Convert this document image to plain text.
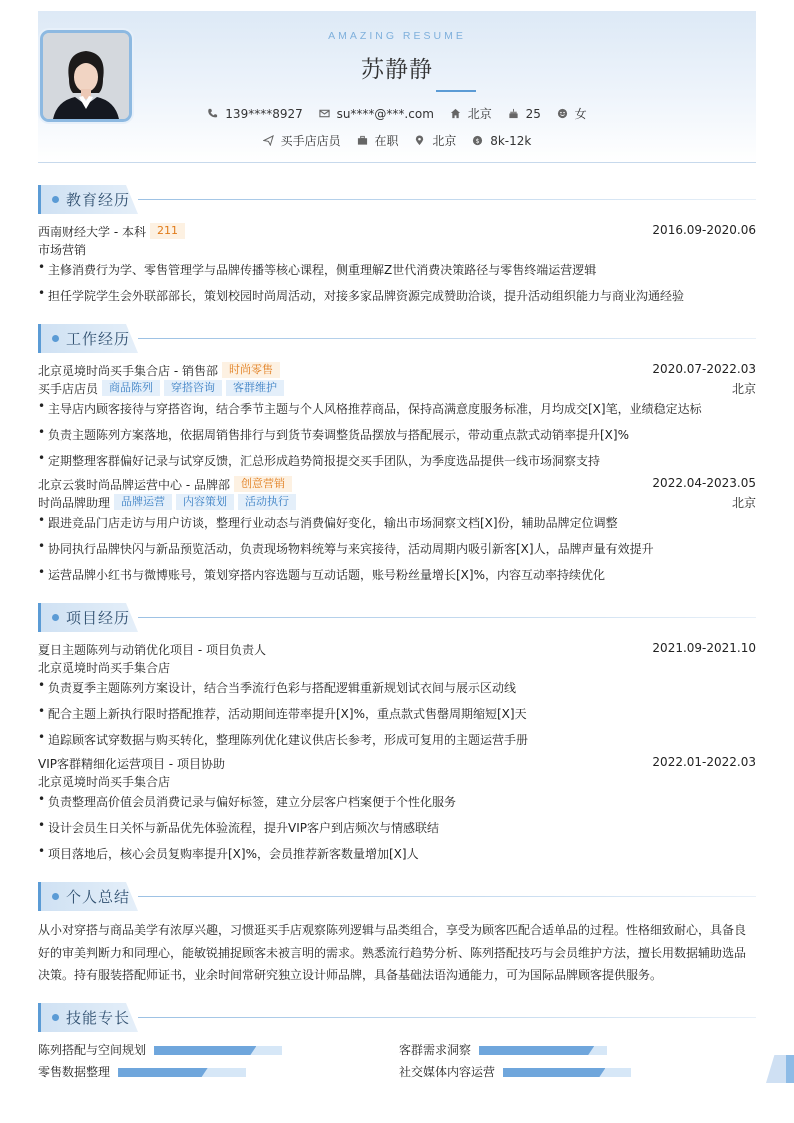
AMAZING RESUME
苏静静
139****8927
	su****@***.com
	北京
	25
	女
买手店店员
	在职
	北京
	$ 8k-12k
教育经历
西南财经大学 - 本科 211	2016.09-2020.06
市场营销
主修消费行为学、零售管理学与品牌传播等核心课程，侧重理解Z世代消费决策路径与零售终端运营逻辑
担任学院学生会外联部部长，策划校园时尚周活动，对接多家品牌资源完成赞助洽谈，提升活动组织能力与商业沟通经验
工作经历
北京觅境时尚买手集合店 - 销售部 时尚零售	2020.07-2022.03
买手店店员 商品陈列 穿搭咨询 客群维护	北京
主导店内顾客接待与穿搭咨询，结合季节主题与个人风格推荐商品，保持高满意度服务标准，月均成交[X]笔，业绩稳定达标
负责主题陈列方案落地，依据周销售排行与到货节奏调整货品摆放与搭配展示，带动重点款式动销率提升[X]%
定期整理客群偏好记录与试穿反馈，汇总形成趋势简报提交买手团队，为季度选品提供一线市场洞察支持
北京云裳时尚品牌运营中心 - 品牌部 创意营销	2022.04-2023.05
时尚品牌助理 品牌运营 内容策划 活动执行	北京
跟进竞品门店走访与用户访谈，整理行业动态与消费偏好变化，输出市场洞察文档[X]份，辅助品牌定位调整
协同执行品牌快闪与新品预览活动，负责现场物料统筹与来宾接待，活动周期内吸引新客[X]人，品牌声量有效提升
运营品牌小红书与微博账号，策划穿搭内容选题与互动话题，账号粉丝量增长[X]%，内容互动率持续优化
项目经历
夏日主题陈列与动销优化项目 - 项目负责人	2021.09-2021.10
北京觅境时尚买手集合店
负责夏季主题陈列方案设计，结合当季流行色彩与搭配逻辑重新规划试衣间与展示区动线
配合主题上新执行限时搭配推荐，活动期间连带率提升[X]%，重点款式售罄周期缩短[X]天
追踪顾客试穿数据与购买转化，整理陈列优化建议供店长参考，形成可复用的主题运营手册
VIP客群精细化运营项目 - 项目协助	2022.01-2022.03
北京觅境时尚买手集合店
负责整理高价值会员消费记录与偏好标签，建立分层客户档案便于个性化服务
设计会员生日关怀与新品优先体验流程，提升VIP客户到店频次与情感联结
项目落地后，核心会员复购率提升[X]%，会员推荐新客数量增加[X]人
个人总结
从小对穿搭与商品美学有浓厚兴趣，习惯逛买手店观察陈列逻辑与品类组合，享受为顾客匹配合适单品的过程。性格细致耐心，具备良好的审美判断力和同理心，能敏锐捕捉顾客未被言明的需求。熟悉流行趋势分析、陈列搭配技巧与会员维护方法，擅长用数据辅助选品决策。持有服装搭配师证书，业余时间常研究独立设计师品牌，具备基础法语沟通能力，可为国际品牌顾客提供服务。
技能专长
陈列搭配与空间规划	客群需求洞察
零售数据整理	社交媒体内容运营
